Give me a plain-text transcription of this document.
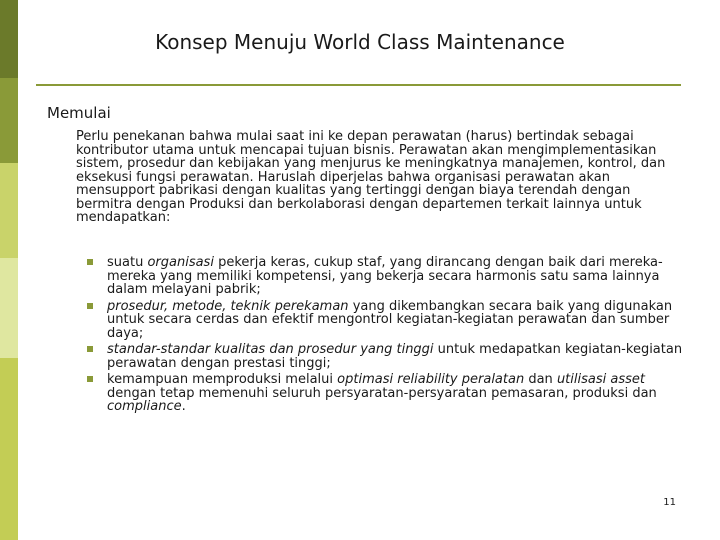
Konsep Menuju World Class Maintenance
Memulai

Perlu penekanan bahwa mulai saat ini ke depan perawatan (harus) bertindak sebagai kontributor utama untuk mencapai tujuan bisnis. Perawatan akan mengimplementasikan sistem, prosedur dan kebijakan yang menjurus ke meningkatnya manajemen, kontrol, dan eksekusi fungsi perawatan. Haruslah diperjelas bahwa organisasi perawatan akan mensupport pabrikasi dengan kualitas yang tertinggi dengan biaya terendah dengan bermitra dengan Produksi dan berkolaborasi dengan departemen terkait lainnya untuk mendapatkan:

suatu organisasi pekerja keras, cukup staf, yang dirancang dengan baik dari mereka-mereka yang memiliki kompetensi, yang bekerja secara harmonis satu sama lainnya dalam melayani pabrik;
prosedur, metode, teknik perekaman yang dikembangkan secara baik yang digunakan untuk secara cerdas dan efektif mengontrol kegiatan-kegiatan perawatan dan sumber daya;
standar-standar kualitas dan prosedur yang tinggi untuk medapatkan kegiatan-kegiatan perawatan dengan prestasi tinggi;
kemampuan memproduksi melalui optimasi reliability peralatan dan utilisasi asset dengan tetap memenuhi seluruh persyaratan-persyaratan pemasaran, produksi dan compliance.
11
